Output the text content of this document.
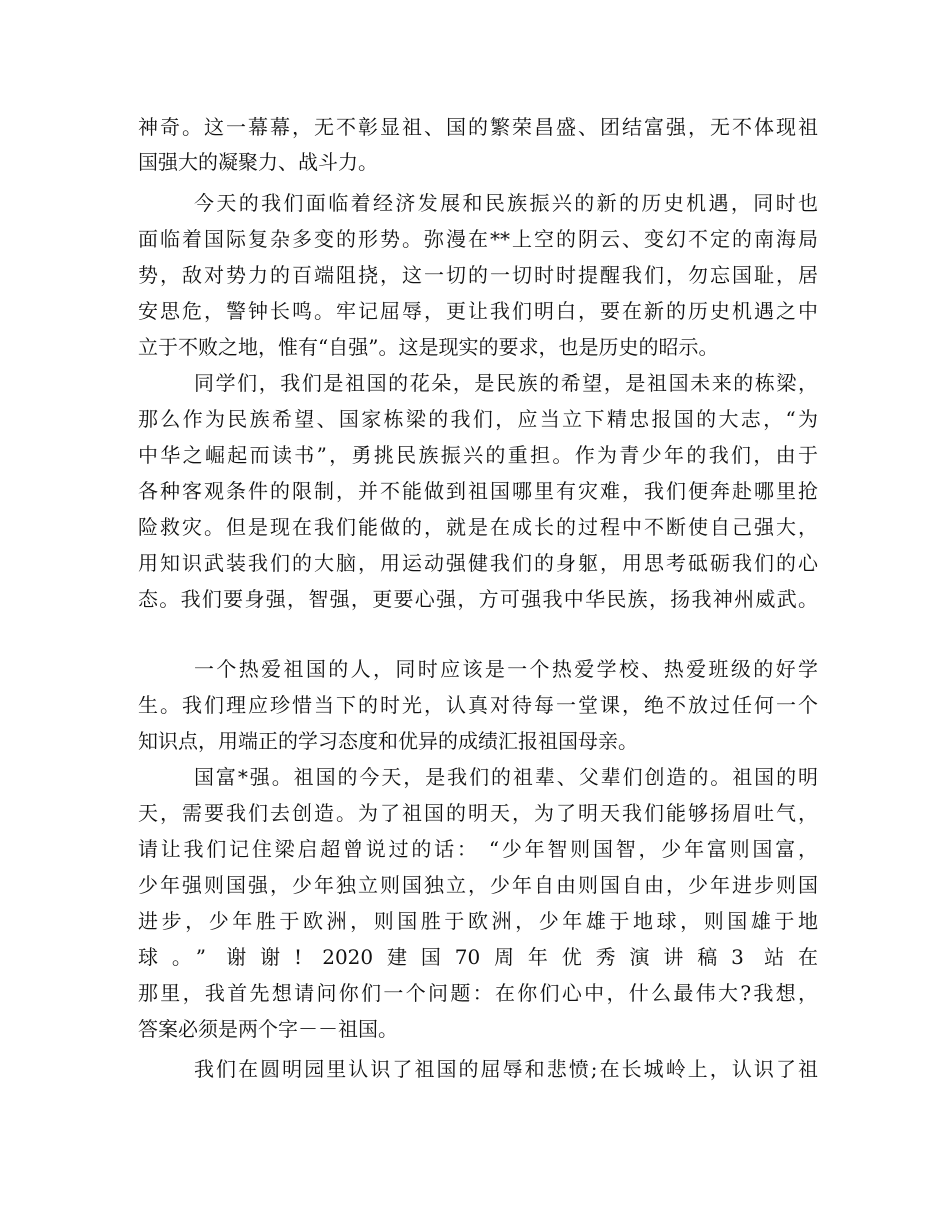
神奇。这一幕幕，无不彰显祖、国的繁荣昌盛、团结富强，无不体现祖
国强大的凝聚力、战斗力。
今天的我们面临着经济发展和民族振兴的新的历史机遇，同时也
面临着国际复杂多变的形势。弥漫在**上空的阴云、变幻不定的南海局
势，敌对势力的百端阻挠，这一切的一切时时提醒我们，勿忘国耻，居
安思危，警钟长鸣。牢记屈辱，更让我们明白，要在新的历史机遇之中
立于不败之地，惟有“自强”。这是现实的要求，也是历史的昭示。
同学们，我们是祖国的花朵，是民族的希望，是祖国未来的栋梁，
那么作为民族希望、国家栋梁的我们，应当立下精忠报国的大志，“为
中华之崛起而读书”，勇挑民族振兴的重担。作为青少年的我们，由于
各种客观条件的限制，并不能做到祖国哪里有灾难，我们便奔赴哪里抢
险救灾。但是现在我们能做的，就是在成长的过程中不断使自己强大，
用知识武装我们的大脑，用运动强健我们的身躯，用思考砥砺我们的心
态。我们要身强，智强，更要心强，方可强我中华民族，扬我神州威武。
一个热爱祖国的人，同时应该是一个热爱学校、热爱班级的好学
生。我们理应珍惜当下的时光，认真对待每一堂课，绝不放过任何一个
知识点，用端正的学习态度和优异的成绩汇报祖国母亲。
国富*强。祖国的今天，是我们的祖辈、父辈们创造的。祖国的明
天，需要我们去创造。为了祖国的明天，为了明天我们能够扬眉吐气，
请让我们记住梁启超曾说过的话： “少年智则国智，少年富则国富，
少年强则国强，少年独立则国独立，少年自由则国自由，少年进步则国
进步，少年胜于欧洲，则国胜于欧洲，少年雄于地球，则国雄于地
球。” 谢谢! 2020建国70周年优秀演讲稿3 站在
那里，我首先想请问你们一个问题：在你们心中，什么最伟大?我想，
答案必须是两个字－－祖国。
我们在圆明园里认识了祖国的屈辱和悲愤;在长城岭上，认识了祖
